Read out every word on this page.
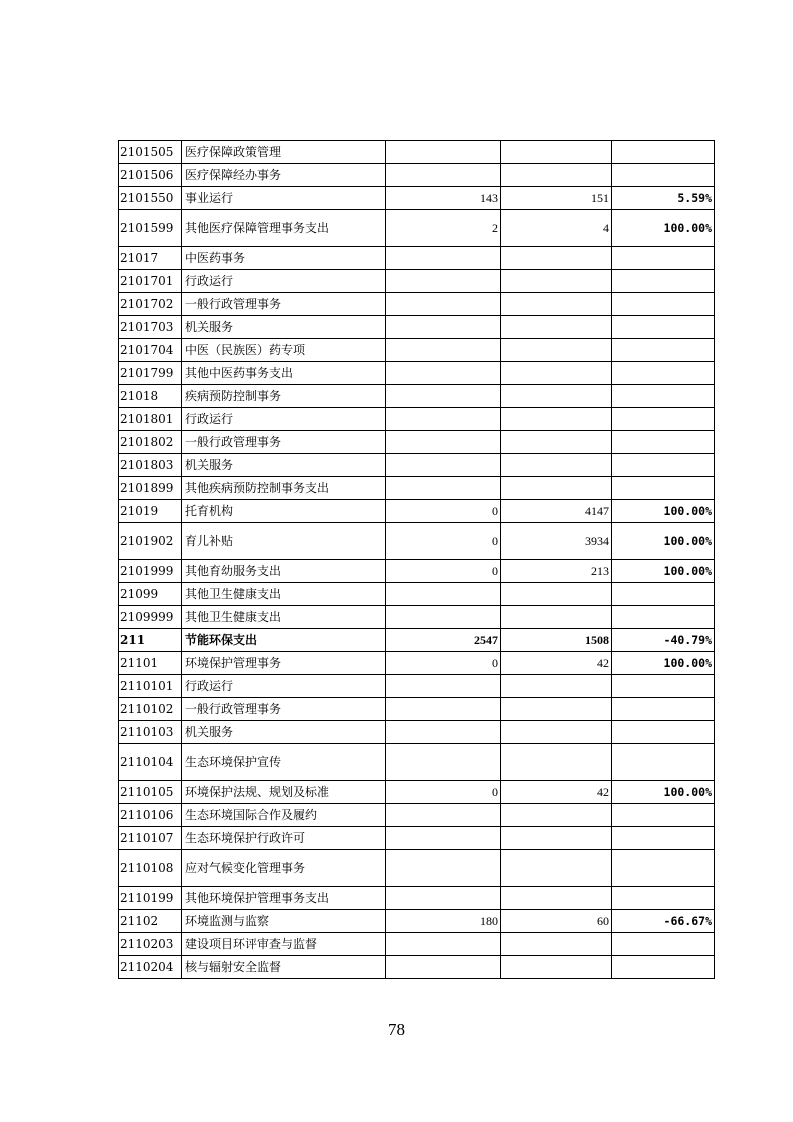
2101505	医疗保障政策管理			
2101506	医疗保障经办事务			
2101550	事业运行	143	151	5.59%
2101599	其他医疗保障管理事务支出	2	4	100.00%
21017	中医药事务			
2101701	行政运行			
2101702	一般行政管理事务			
2101703	机关服务			
2101704	中医（民族医）药专项			
2101799	其他中医药事务支出			
21018	疾病预防控制事务			
2101801	行政运行			
2101802	一般行政管理事务			
2101803	机关服务			
2101899	其他疾病预防控制事务支出			
21019	托育机构	0	4147	100.00%
2101902	育儿补贴	0	3934	100.00%
2101999	其他育幼服务支出	0	213	100.00%
21099	其他卫生健康支出			
2109999	其他卫生健康支出			
211	节能环保支出	2547	1508	-40.79%
21101	环境保护管理事务	0	42	100.00%
2110101	行政运行			
2110102	一般行政管理事务			
2110103	机关服务			
2110104	生态环境保护宣传			
2110105	环境保护法规、规划及标准	0	42	100.00%
2110106	生态环境国际合作及履约			
2110107	生态环境保护行政许可			
2110108	应对气候变化管理事务			
2110199	其他环境保护管理事务支出			
21102	环境监测与监察	180	60	-66.67%
2110203	建设项目环评审查与监督			
2110204	核与辐射安全监督			
78
